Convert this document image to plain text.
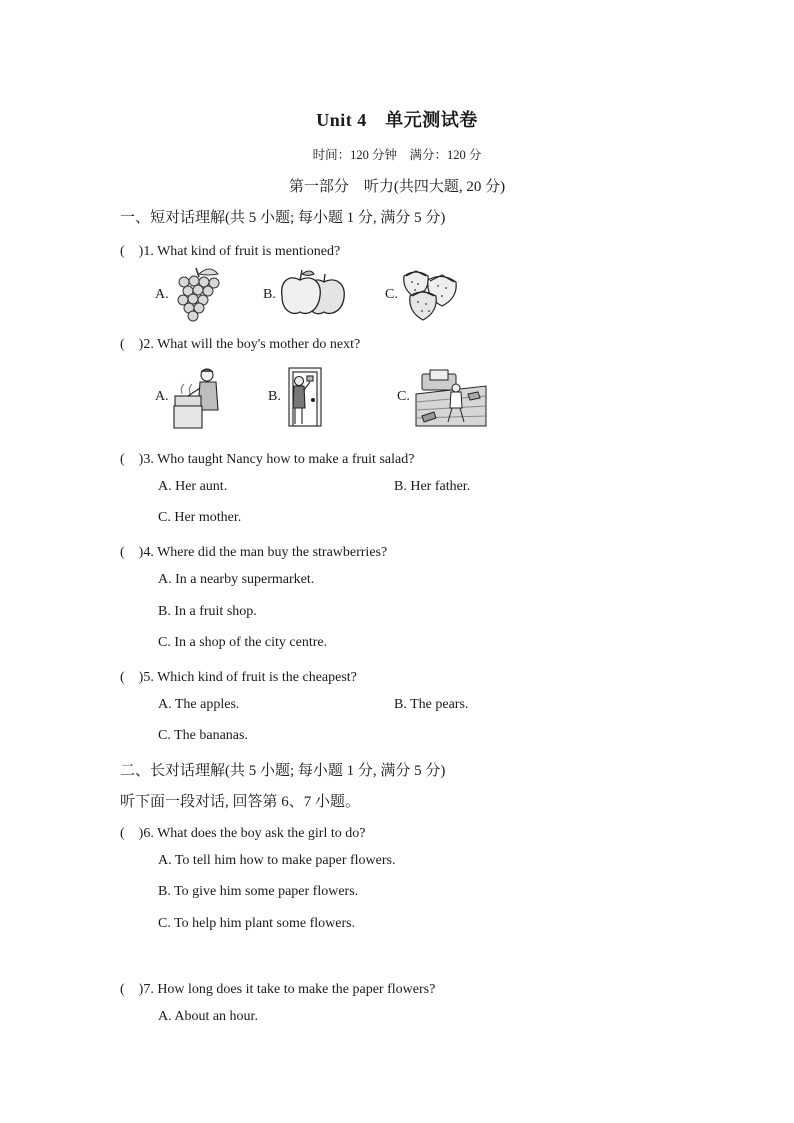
Unit 4　单元测试卷
时间：120 分钟　满分：120 分
第一部分　听力(共四大题, 20 分)
一、短对话理解(共 5 小题; 每小题 1 分, 满分 5 分)
(　)1. What kind of fruit is mentioned?
A.	B.	C.
(　)2. What will the boy's mother do next?
A.	B.	C.
(　)3. Who taught Nancy how to make a fruit salad?
A. Her aunt.	B. Her father.
C. Her mother.
(　)4. Where did the man buy the strawberries?
A. In a nearby supermarket.
B. In a fruit shop.
C. In a shop of the city centre.
(　)5. Which kind of fruit is the cheapest?
A. The apples.	B. The pears.
C. The bananas.
二、长对话理解(共 5 小题; 每小题 1 分, 满分 5 分)
听下面一段对话, 回答第 6、7 小题。
(　)6. What does the boy ask the girl to do?
A. To tell him how to make paper flowers.
B. To give him some paper flowers.
C. To help him plant some flowers.
(　)7. How long does it take to make the paper flowers?
A. About an hour.
